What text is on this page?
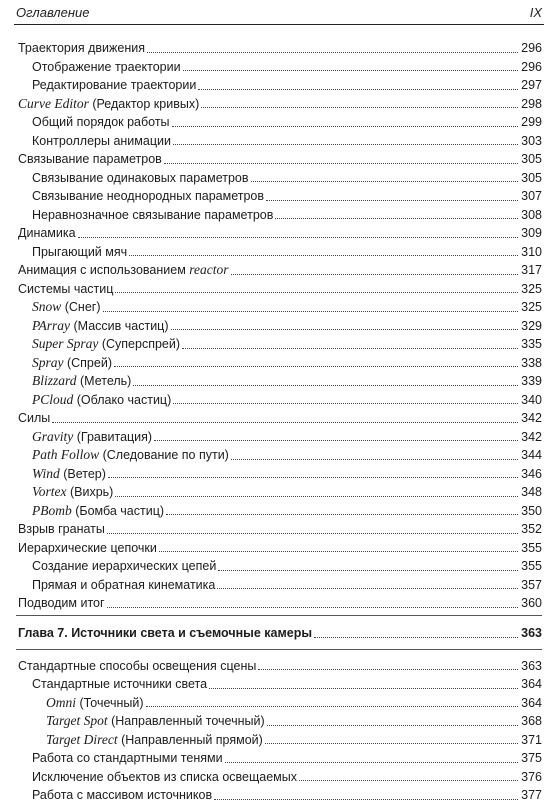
Оглавление	IX
Траектория движения	296
Отображение траектории	296
Редактирование траектории	297
Curve Editor (Редактор кривых)	298
Общий порядок работы	299
Контроллеры анимации	303
Связывание параметров	305
Связывание одинаковых параметров	305
Связывание неоднородных параметров	307
Неравнозначное связывание параметров	308
Динамика	309
Прыгающий мяч	310
Анимация с использованием reactor	317
Системы частиц	325
Snow (Снег)	325
PArray (Массив частиц)	329
Super Spray (Суперспрей)	335
Spray (Спрей)	338
Blizzard (Метель)	339
PCloud (Облако частиц)	340
Силы	342
Gravity (Гравитация)	342
Path Follow (Следование по пути)	344
Wind (Ветер)	346
Vortex (Вихрь)	348
PBomb (Бомба частиц)	350
Взрыв гранаты	352
Иерархические цепочки	355
Создание иерархических цепей	355
Прямая и обратная кинематика	357
Подводим итог	360
Глава 7. Источники света и съемочные камеры	363
Стандартные способы освещения сцены	363
Стандартные источники света	364
Omni (Точечный)	364
Target Spot (Направленный точечный)	368
Target Direct (Направленный прямой)	371
Работа со стандартными тенями	375
Исключение объектов из списка освещаемых	376
Работа с массивом источников	377
